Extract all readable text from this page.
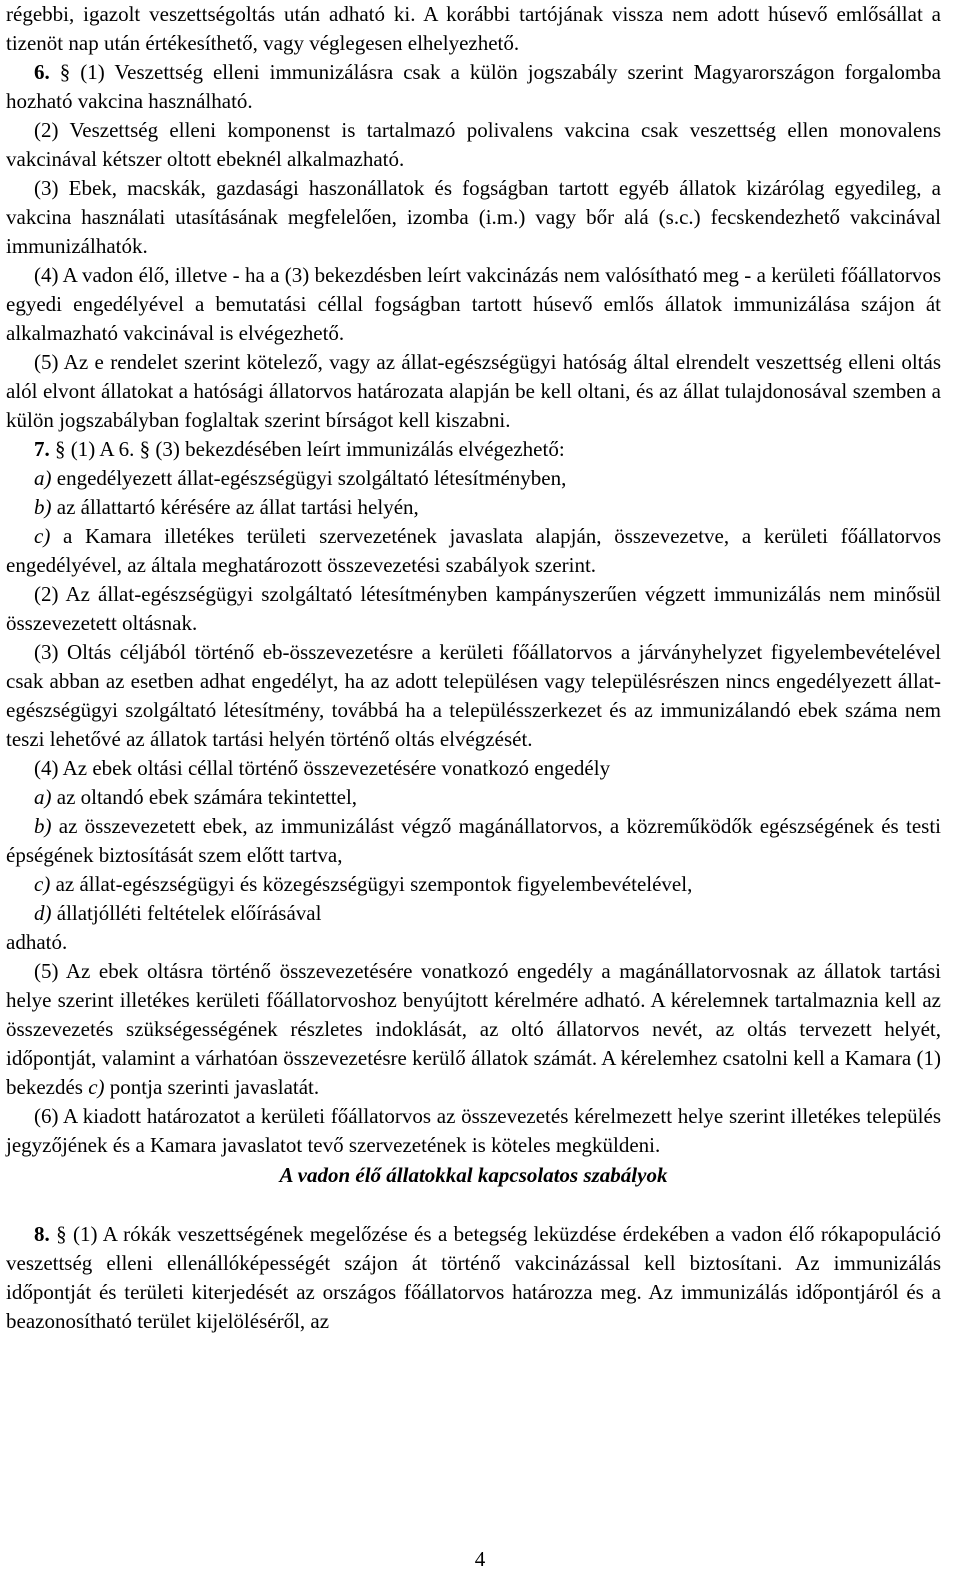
régebbi, igazolt veszettségoltás után adható ki. A korábbi tartójának vissza nem adott húsevő emlősállat a tizenöt nap után értékesíthető, vagy véglegesen elhelyezhető.

6. § (1) Veszettség elleni immunizálásra csak a külön jogszabály szerint Magyarországon forgalomba hozható vakcina használható.

(2) Veszettség elleni komponenst is tartalmazó polivalens vakcina csak veszettség ellen monovalens vakcinával kétszer oltott ebeknél alkalmazható.

(3) Ebek, macskák, gazdasági haszonállatok és fogságban tartott egyéb állatok kizárólag egyedileg, a vakcina használati utasításának megfelelően, izomba (i.m.) vagy bőr alá (s.c.) fecskendezhető vakcinával immunizálhatók.

(4) A vadon élő, illetve - ha a (3) bekezdésben leírt vakcinázás nem valósítható meg - a kerületi főállatorvos egyedi engedélyével a bemutatási céllal fogságban tartott húsevő emlős állatok immunizálása szájon át alkalmazható vakcinával is elvégezhető.

(5) Az e rendelet szerint kötelező, vagy az állat-egészségügyi hatóság által elrendelt veszettség elleni oltás alól elvont állatokat a hatósági állatorvos határozata alapján be kell oltani, és az állat tulajdonosával szemben a külön jogszabályban foglaltak szerint bírságot kell kiszabni.

7. § (1) A 6. § (3) bekezdésében leírt immunizálás elvégezhető:

a) engedélyezett állat-egészségügyi szolgáltató létesítményben,

b) az állattartó kérésére az állat tartási helyén,

c) a Kamara illetékes területi szervezetének javaslata alapján, összevezetve, a kerületi főállatorvos engedélyével, az általa meghatározott összevezetési szabályok szerint.

(2) Az állat-egészségügyi szolgáltató létesítményben kampányszerűen végzett immunizálás nem minősül összevezetett oltásnak.

(3) Oltás céljából történő eb-összevezetésre a kerületi főállatorvos a járványhelyzet figyelembevételével csak abban az esetben adhat engedélyt, ha az adott településen vagy településrészen nincs engedélyezett állat-egészségügyi szolgáltató létesítmény, továbbá ha a településszerkezet és az immunizálandó ebek száma nem teszi lehetővé az állatok tartási helyén történő oltás elvégzését.

(4) Az ebek oltási céllal történő összevezetésére vonatkozó engedély

a) az oltandó ebek számára tekintettel,

b) az összevezetett ebek, az immunizálást végző magánállatorvos, a közreműködők egészségének és testi épségének biztosítását szem előtt tartva,

c) az állat-egészségügyi és közegészségügyi szempontok figyelembevételével,

d) állatjólléti feltételek előírásával

adható.

(5) Az ebek oltásra történő összevezetésére vonatkozó engedély a magánállatorvosnak az állatok tartási helye szerint illetékes kerületi főállatorvoshoz benyújtott kérelmére adható. A kérelemnek tartalmaznia kell az összevezetés szükségességének részletes indoklását, az oltó állatorvos nevét, az oltás tervezett helyét, időpontját, valamint a várhatóan összevezetésre kerülő állatok számát. A kérelemhez csatolni kell a Kamara (1) bekezdés c) pontja szerinti javaslatát.

(6) A kiadott határozatot a kerületi főállatorvos az összevezetés kérelmezett helye szerint illetékes település jegyzőjének és a Kamara javaslatot tevő szervezetének is köteles megküldeni.

A vadon élő állatokkal kapcsolatos szabályok

8. § (1) A rókák veszettségének megelőzése és a betegség leküzdése érdekében a vadon élő rókapopuláció veszettség elleni ellenállóképességét szájon át történő vakcinázással kell biztosítani. Az immunizálás időpontját és területi kiterjedését az országos főállatorvos határozza meg. Az immunizálás időpontjáról és a beazonosítható terület kijelöléséről, az

4
